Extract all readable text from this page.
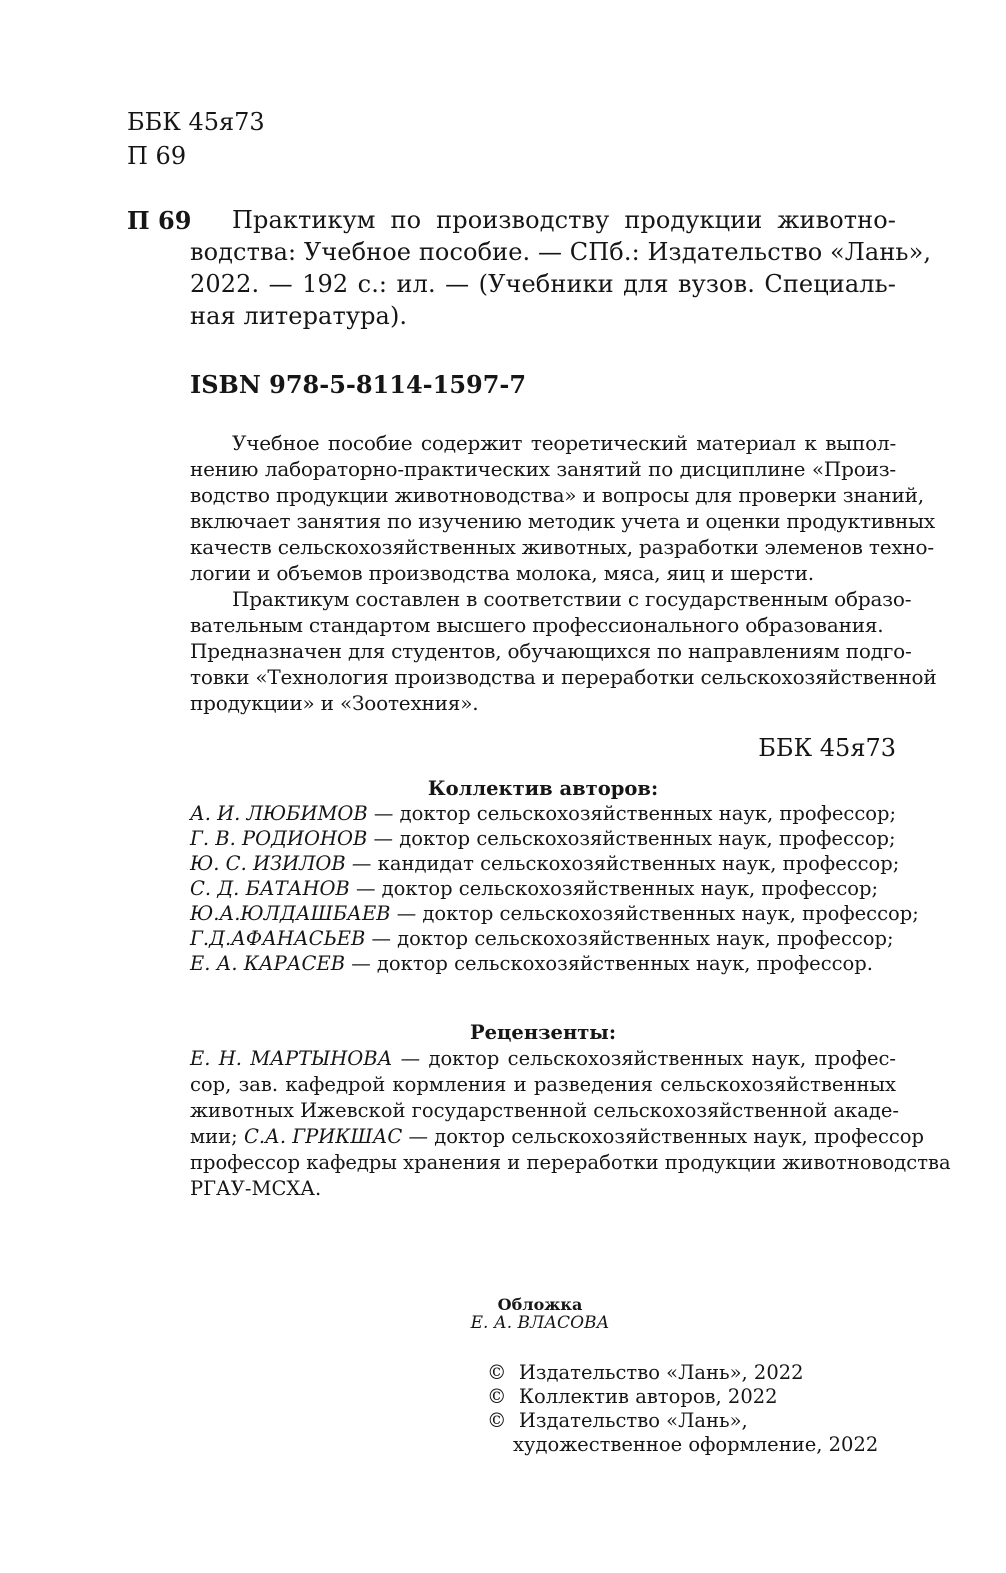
ББК 45я73
П 69
П 69 Практикум по производству продукции животно-
водства: Учебное пособие. — СПб.: Издательство «Лань»,
2022. — 192 с.: ил. — (Учебники для вузов. Специаль-
ная литература).
ISBN 978-5-8114-1597-7
Учебное пособие содержит теоретический материал к выпол-
нению лабораторно-практических занятий по дисциплине «Произ-
водство продукции животноводства» и вопросы для проверки знаний,
включает занятия по изучению методик учета и оценки продуктивных
качеств сельскохозяйственных животных, разработки элеменов техно-
логии и объемов производства молока, мяса, яиц и шерсти.
Практикум составлен в соответствии с государственным образо-
вательным стандартом высшего профессионального образования.
Предназначен для студентов, обучающихся по направлениям подго-
товки «Технология производства и переработки сельскохозяйственной
продукции» и «Зоотехния».
ББК 45я73
Коллектив авторов:
А. И. ЛЮБИМОВ — доктор сельскохозяйственных наук, профессор;
Г. В. РОДИОНОВ — доктор сельскохозяйственных наук, профессор;
Ю. С. ИЗИЛОВ — кандидат сельскохозяйственных наук, профессор;
С. Д. БАТАНОВ — доктор сельскохозяйственных наук, профессор;
Ю.А.ЮЛДАШБАЕВ — доктор сельскохозяйственных наук, профессор;
Г.Д.АФАНАСЬЕВ — доктор сельскохозяйственных наук, профессор;
Е. А. КАРАСЕВ — доктор сельскохозяйственных наук, профессор.
Рецензенты:
Е. Н. МАРТЫНОВА — доктор сельскохозяйственных наук, профес-
сор, зав. кафедрой кормления и разведения сельскохозяйственных
животных Ижевской государственной сельскохозяйственной акаде-
мии; С.А. ГРИКШАС — доктор сельскохозяйственных наук, профессор
профессор кафедры хранения и переработки продукции животноводства
РГАУ-МСХА.
Обложка
Е. А. ВЛАСОВА
© Издательство «Лань», 2022
© Коллектив авторов, 2022
© Издательство «Лань»,
художественное оформление, 2022
